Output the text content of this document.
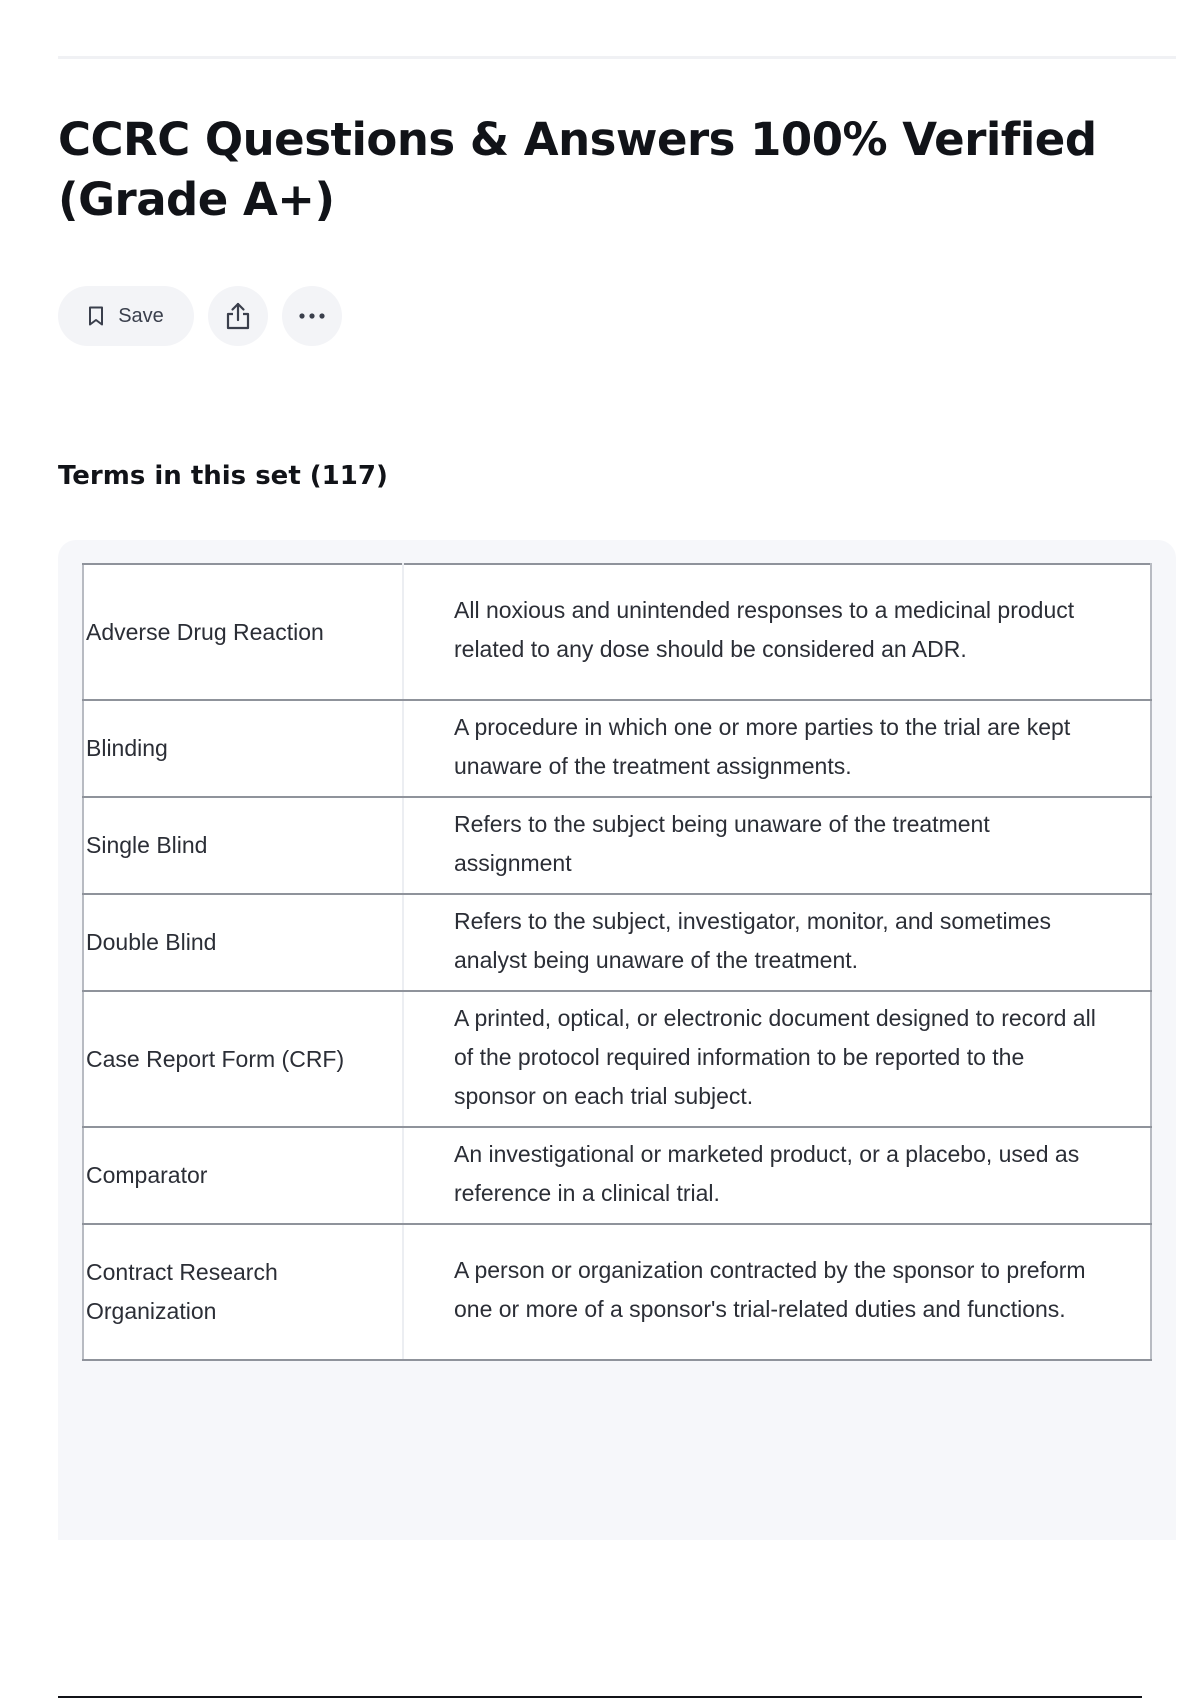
CCRC Questions & Answers 100% Verified (Grade A+)
Save
Terms in this set (117)
Adverse Drug Reaction	All noxious and unintended responses to a medicinal product related to any dose should be considered an ADR.
Blinding	A procedure in which one or more parties to the trial are kept unaware of the treatment assignments.
Single Blind	Refers to the subject being unaware of the treatment assignment
Double Blind	Refers to the subject, investigator, monitor, and sometimes analyst being unaware of the treatment.
Case Report Form (CRF)	A printed, optical, or electronic document designed to record all of the protocol required information to be reported to the sponsor on each trial subject.
Comparator	An investigational or marketed product, or a placebo, used as reference in a clinical trial.
Contract Research Organization	A person or organization contracted by the sponsor to preform one or more of a sponsor's trial-related duties and functions.
